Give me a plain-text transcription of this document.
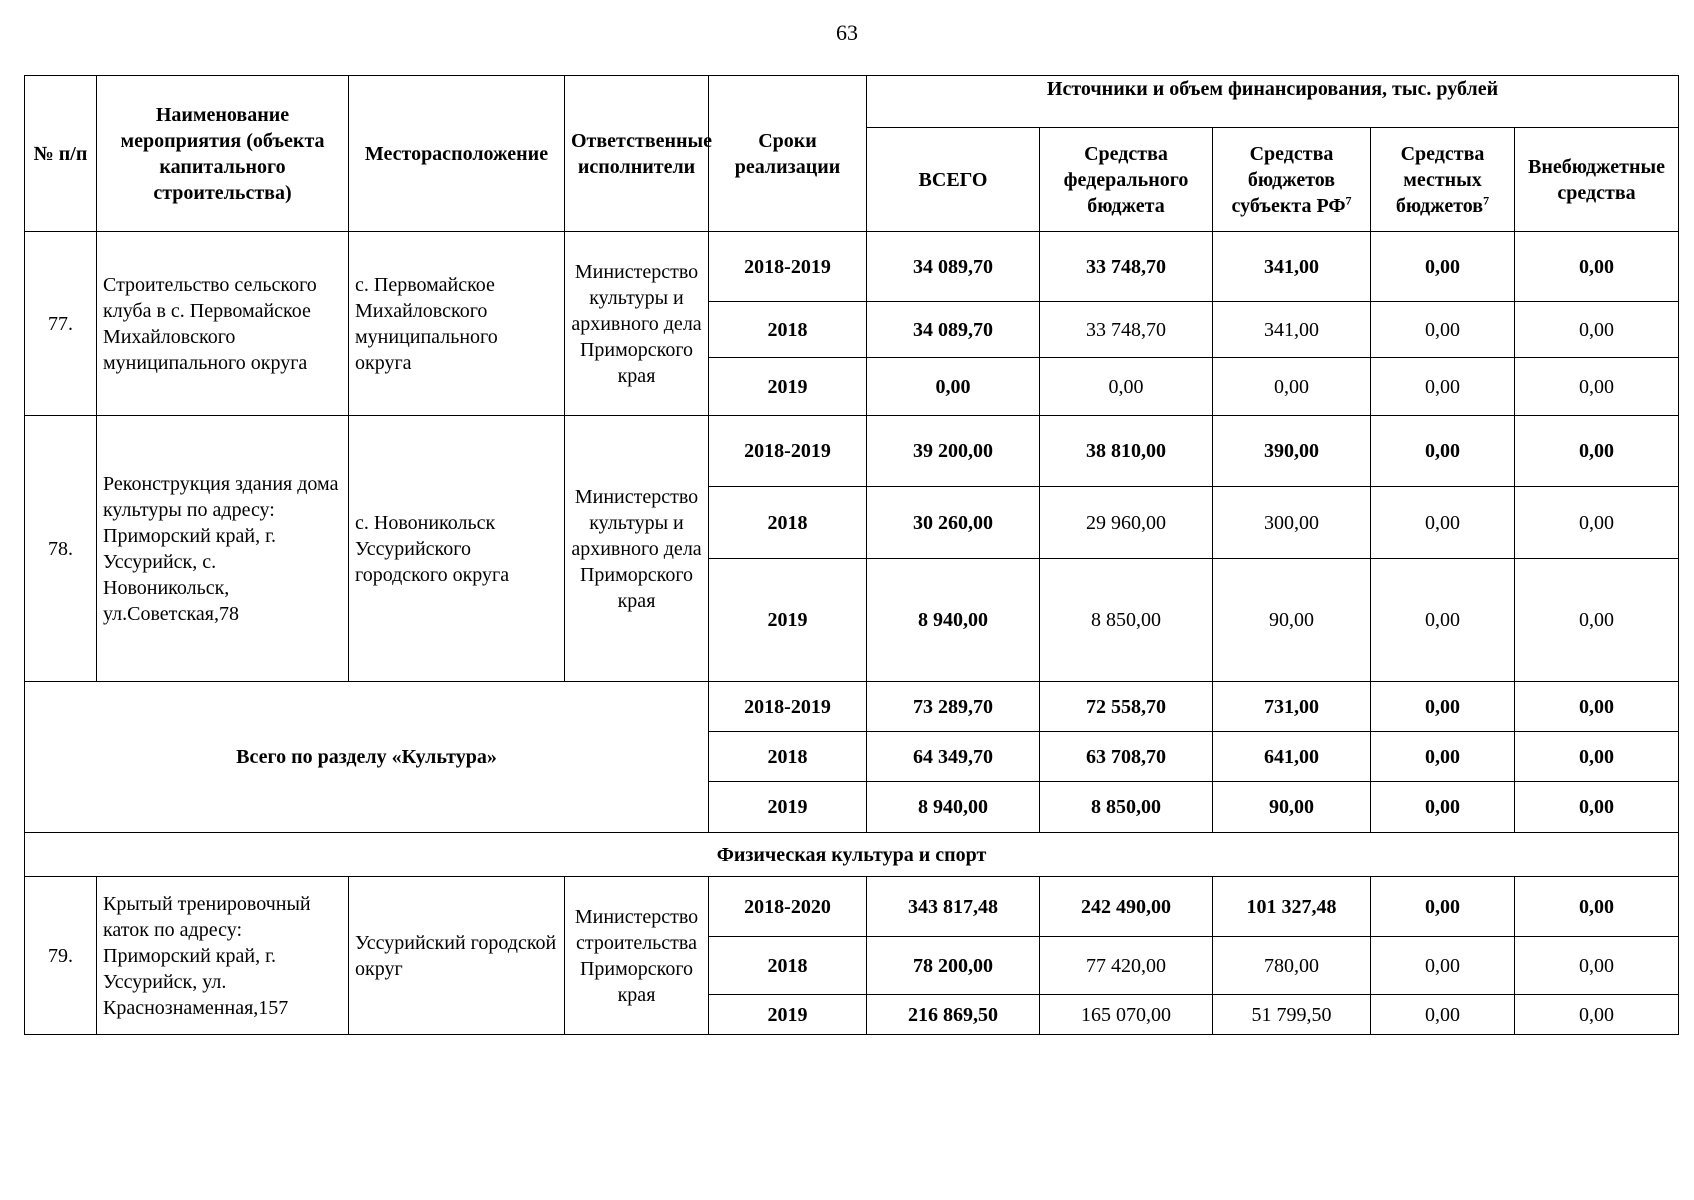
63
№ п/п	Наименование мероприятия (объекта капитального строительства)	Месторасположение	Ответственные исполнители	Сроки реализации	Источники и объем финансирования, тыс. рублей				
					ВСЕГО	Средства федерального бюджета	Средства бюджетов субъекта $РФ^7$	Средства местных бюджетов$^7$	Внебюджетные средства
77.	Строительство сельского клуба в с. Первомайское Михайловского муниципального округа	с. Первомайское Михайловского муниципального округа	Министерство культуры и архивного дела Приморского края	2018-2019	34 089,70	33 748,70	341,00	0,00	0,00
				2018	34 089,70	33 748,70	341,00	0,00	0,00
				2019	0,00	0,00	0,00	0,00	0,00
78.	Реконструкция здания дома культуры по адресу: Приморский край, г. Уссурийск, с. Новоникольск, ул.Советская,78	с. Новоникольск Уссурийского городского округа	Министерство культуры и архивного дела Приморского края	2018-2019	39 200,00	38 810,00	390,00	0,00	0,00
				2018	30 260,00	29 960,00	300,00	0,00	0,00
				2019	8 940,00	8 850,00	90,00	0,00	0,00
Всего по разделу «Культура»				2018-2019	73 289,70	72 558,70	731,00	0,00	0,00
				2018	64 349,70	63 708,70	641,00	0,00	0,00
				2019	8 940,00	8 850,00	90,00	0,00	0,00
Физическая культура и спорт									
79.	Крытый тренировочный каток по адресу: Приморский край, г. Уссурийск, ул. Краснознаменная,157	Уссурийский городской округ	Министерство строительства Приморского края	2018-2020	343 817,48	242 490,00	101 327,48	0,00	0,00
				2018	78 200,00	77 420,00	780,00	0,00	0,00
				2019	216 869,50	165 070,00	51 799,50	0,00	0,00
